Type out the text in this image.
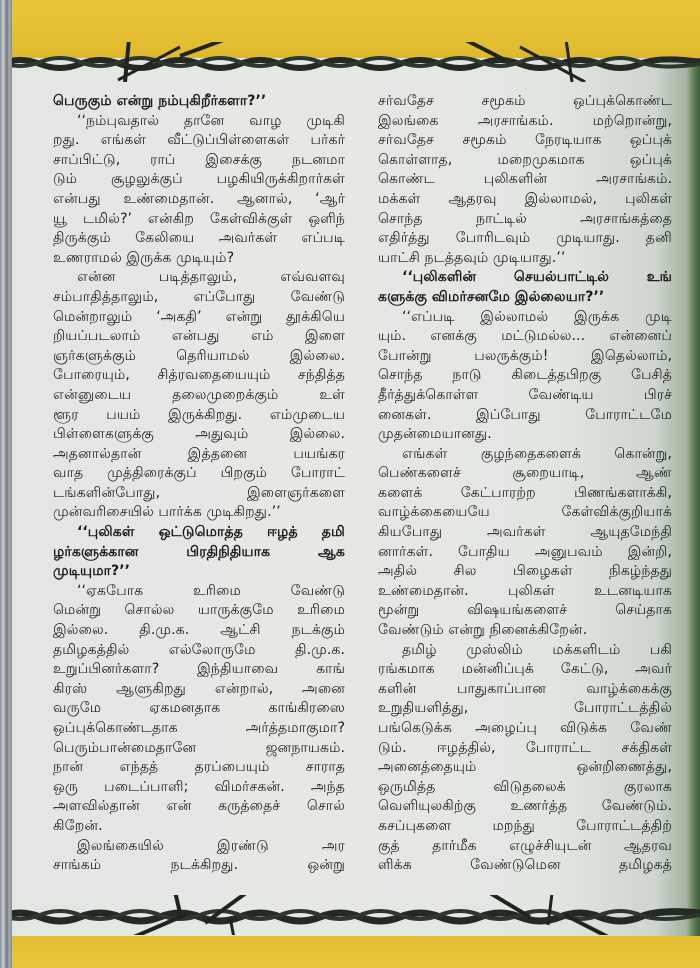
பெருகும் என்று நம்புகிறீர்களா?’’
‘‘நம்புவதால் தானே வாழ முடிகி
றது. எங்கள் வீட்டுப்பிள்ளைகள் பர்கர்
சாப்பிட்டு, ராப் இசைக்கு நடனமா
டும் சூழலுக்குப் பழகியிருக்கிறார்கள்
என்பது உண்மைதான். ஆனால், ‘ஆர்
யூ டமில்?’ என்கிற கேள்விக்குள் ஒளிந்
திருக்கும் கேலியை அவர்கள் எப்படி
உணராமல் இருக்க முடியும்?
என்ன படித்தாலும், எவ்வளவு
சம்பாதித்தாலும், எப்போது வேண்டு
மென்றாலும் ‘அகதி’ என்று தூக்கியெ
றியப்படலாம் என்பது எம் இளை
ஞர்களுக்கும் தெரியாமல் இல்லை.
போரையும், சித்ரவதையையும் சந்தித்த
என்னுடைய தலைமுறைக்கும் உள்
ளூர பயம் இருக்கிறது. எம்முடைய
பிள்ளைகளுக்கு அதுவும் இல்லை.
அதனால்தான் இத்தனை பயங்கர
வாத முத்திரைக்குப் பிறகும் போராட்
டங்களின்போது, இளைஞர்களை
முன்வரிசையில் பார்க்க முடிகிறது.’’
‘‘புலிகள் ஒட்டுமொத்த ஈழத் தமி
ழர்களுக்கான பிரதிநிதியாக ஆக
முடியுமா?’’
‘‘ஏகபோக உரிமை வேண்டு
மென்று சொல்ல யாருக்குமே உரிமை
இல்லை. தி.மு.க. ஆட்சி நடக்கும்
தமிழகத்தில் எல்லோருமே தி.மு.க.
உறுப்பினர்களா? இந்தியாவை காங்
கிரஸ் ஆளுகிறது என்றால், அனை
வருமே ஏகமனதாக காங்கிரஸை
ஒப்புக்கொண்டதாக அர்த்தமாகுமா?
பெரும்பான்மைதானே ஜனநாயகம்.
நான் எந்தத் தரப்பையும் சாராத
ஒரு படைப்பாளி; விமர்சகன். அந்த
அளவில்தான் என் கருத்தைச் சொல்
கிறேன்.
இலங்கையில் இரண்டு அர
சாங்கம் நடக்கிறது. ஒன்று
சர்வதேச சமூகம் ஒப்புக்கொண்ட
இலங்கை அரசாங்கம். மற்றொன்று,
சர்வதேச சமூகம் நேரடியாக ஒப்புக்
கொள்ளாத, மறைமுகமாக ஒப்புக்
கொண்ட புலிகளின் அரசாங்கம்.
மக்கள் ஆதரவு இல்லாமல், புலிகள்
சொந்த நாட்டில் அரசாங்கத்தை
எதிர்த்து போரிடவும் முடியாது. தனி
யாட்சி நடத்தவும் முடியாது.’’
‘‘புலிகளின் செயல்பாட்டில் உங்
களுக்கு விமர்சனமே இல்லையா?’’
‘‘எப்படி இல்லாமல் இருக்க முடி
யும். எனக்கு மட்டுமல்ல... என்னைப்
போன்று பலருக்கும்! இதெல்லாம்,
சொந்த நாடு கிடைத்தபிறகு பேசித்
தீர்த்துக்கொள்ள வேண்டிய பிரச்
னைகள். இப்போது போராட்டமே
முதன்மையானது.
எங்கள் குழந்தைகளைக் கொன்று,
பெண்களைச் சூறையாடி, ஆண்
களைக் கேட்பாரற்ற பிணங்களாக்கி,
வாழ்க்கையையே கேள்விக்குறியாக்
கியபோது அவர்கள் ஆயுதமேந்தி
னார்கள். போதிய அனுபவம் இன்றி,
அதில் சில பிழைகள் நிகழ்ந்தது
உண்மைதான். புலிகள் உடனடியாக
மூன்று விஷயங்களைச் செய்தாக
வேண்டும் என்று நினைக்கிறேன்.
தமிழ் முஸ்லிம் மக்களிடம் பகி
ரங்கமாக மன்னிப்புக் கேட்டு, அவர்
களின் பாதுகாப்பான வாழ்க்கைக்கு
உறுதியளித்து, போராட்டத்தில்
பங்கெடுக்க அழைப்பு விடுக்க வேண்
டும். ஈழத்தில், போராட்ட சக்திகள்
அனைத்தையும் ஒன்றிணைத்து,
ஒருமித்த விடுதலைக் குரலாக
வெளியுலகிற்கு உணர்த்த வேண்டும்.
கசப்புகளை மறந்து போராட்டத்திற்
குத் தார்மீக எழுச்சியுடன் ஆதரவ
ளிக்க வேண்டுமென தமிழகத்
